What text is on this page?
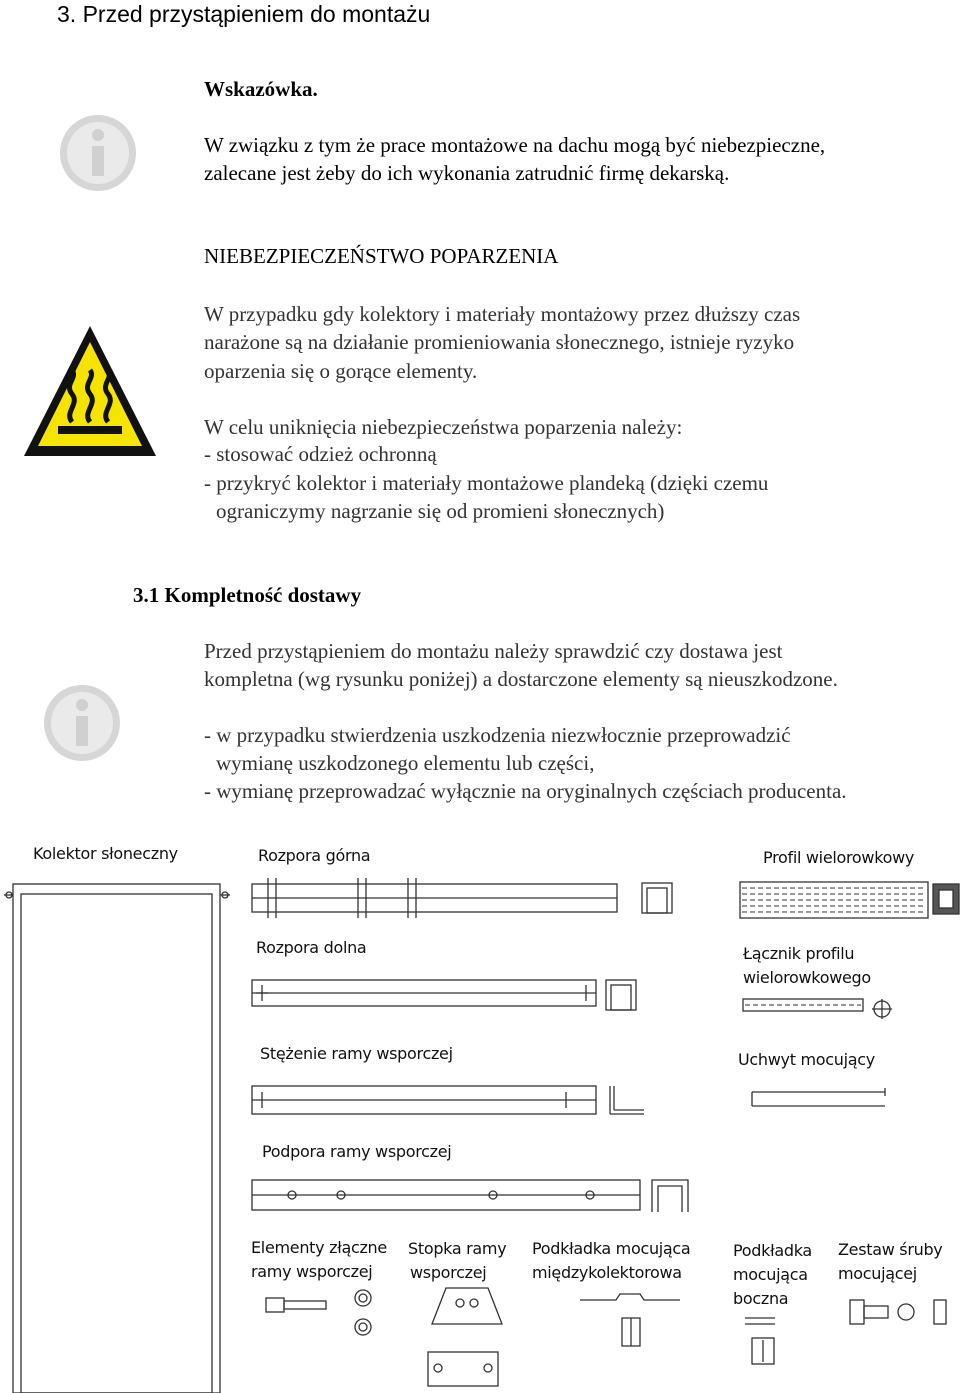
3. Przed przystąpieniem do montażu
Wskazówka.
W związku z tym że prace montażowe na dachu mogą być niebezpieczne,
zalecane jest żeby do ich wykonania zatrudnić firmę dekarską.
NIEBEZPIECZEŃSTWO POPARZENIA
W przypadku gdy kolektory i materiały montażowy przez dłuższy czas
narażone są na działanie promieniowania słonecznego, istnieje ryzyko
oparzenia się o gorące elementy.
W celu uniknięcia niebezpieczeństwa poparzenia należy:
- stosować odzież ochronną
- przykryć kolektor i materiały montażowe plandeką (dzięki czemu
ograniczymy nagrzanie się od promieni słonecznych)
3.1 Kompletność dostawy
Przed przystąpieniem do montażu należy sprawdzić czy dostawa jest
kompletna (wg rysunku poniżej) a dostarczone elementy są nieuszkodzone.
- w przypadku stwierdzenia uszkodzenia niezwłocznie przeprowadzić
wymianę uszkodzonego elementu lub części,
- wymianę przeprowadzać wyłącznie na oryginalnych częściach producenta.
Kolektor słoneczny	Rozpora górna	Profil wielorowkowy
Rozpora dolna	Łącznik profilu
wielorowkowego
Stężenie ramy wsporczej	Uchwyt mocujący
Podpora ramy wsporczej
Elementy złączne
ramy wsporczej
Stopka ramy
wsporczej
Podkładka mocująca
międzykolektorowa
Podkładka
mocująca
boczna
Zestaw śruby
mocującej
